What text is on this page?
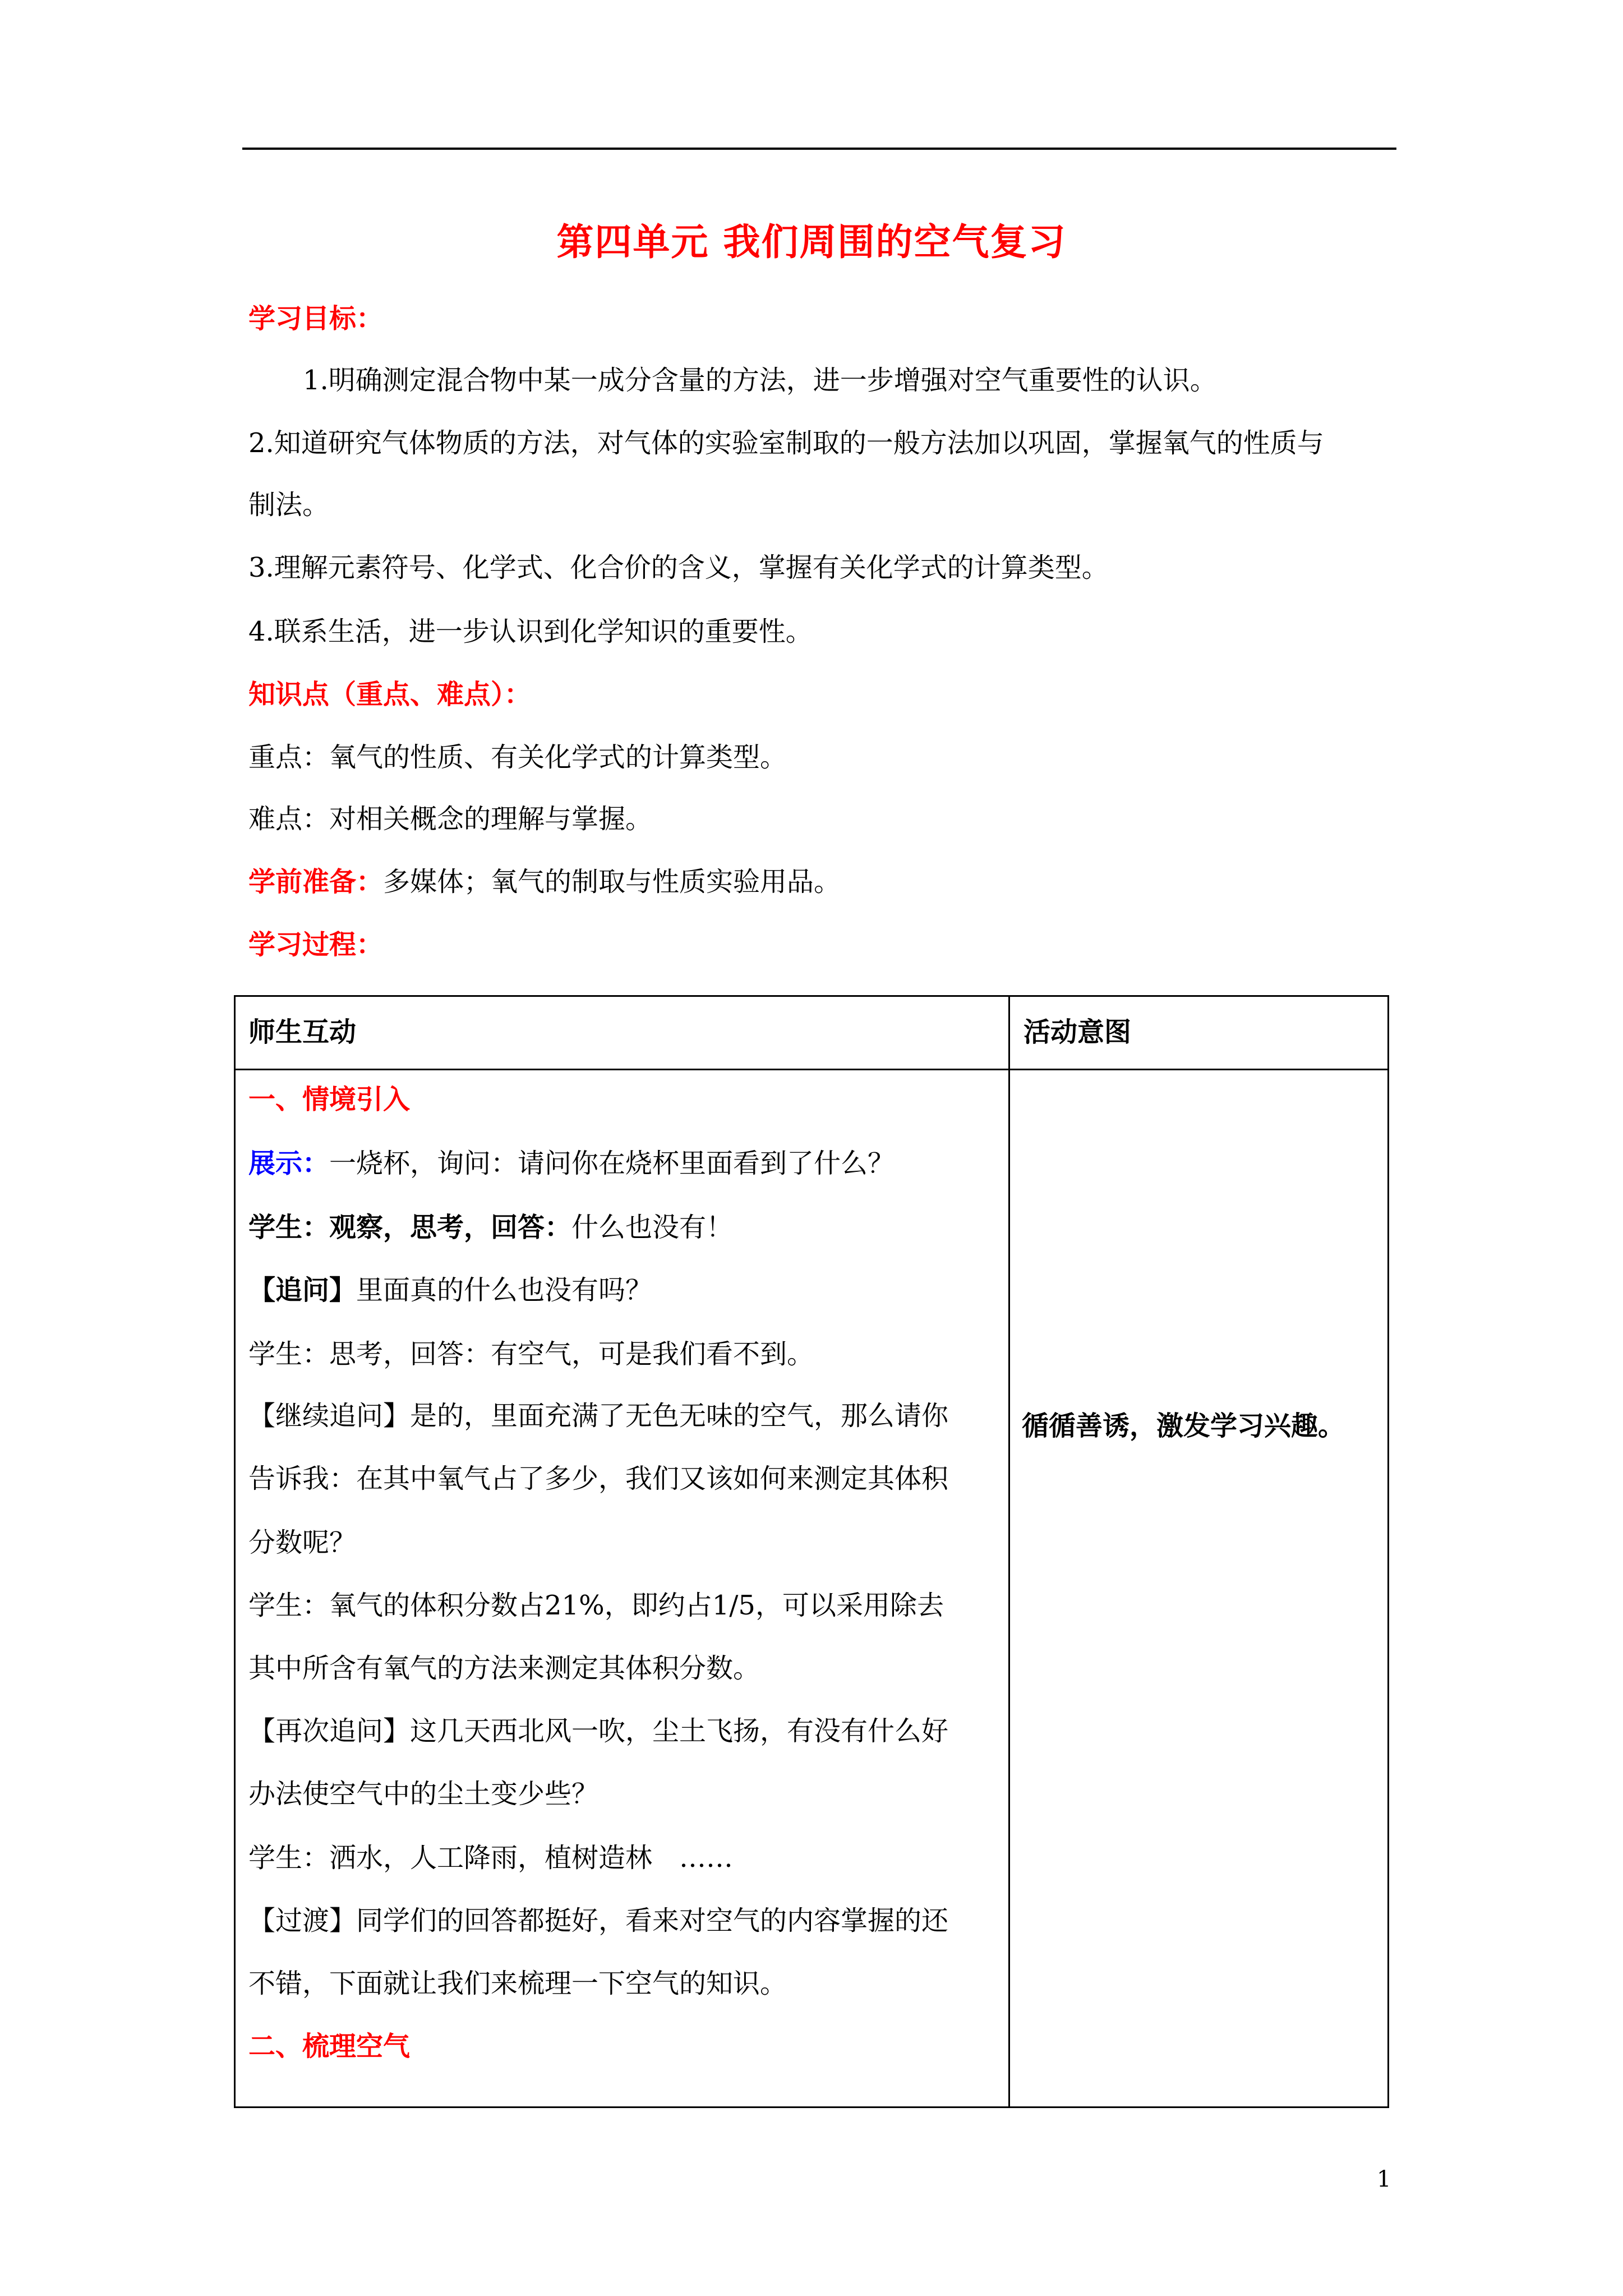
第四单元 我们周围的空气复习
学习目标：
1.明确测定混合物中某一成分含量的方法，进一步增强对空气重要性的认识。
2.知道研究气体物质的方法，对气体的实验室制取的一般方法加以巩固，掌握氧气的性质与
制法。
3.理解元素符号、化学式、化合价的含义，掌握有关化学式的计算类型。
4.联系生活，进一步认识到化学知识的重要性。
知识点（重点、难点）：
重点：氧气的性质、有关化学式的计算类型。
难点：对相关概念的理解与掌握。
学前准备：多媒体；氧气的制取与性质实验用品。
学习过程：
师生互动	活动意图
一、情境引入
展示：一烧杯，询问：请问你在烧杯里面看到了什么？
学生：观察，思考，回答：什么也没有！
【追问】里面真的什么也没有吗？
学生：思考，回答：有空气，可是我们看不到。
【继续追问】是的，里面充满了无色无味的空气，那么请你
告诉我：在其中氧气占了多少，我们又该如何来测定其体积
分数呢？
学生：氧气的体积分数占21%，即约占1/5，可以采用除去
其中所含有氧气的方法来测定其体积分数。
【再次追问】这几天西北风一吹，尘土飞扬，有没有什么好
办法使空气中的尘土变少些？
学生：洒水，人工降雨，植树造林　……
【过渡】同学们的回答都挺好，看来对空气的内容掌握的还
不错，下面就让我们来梳理一下空气的知识。
二、梳理空气
循循善诱，激发学习兴趣。
1
